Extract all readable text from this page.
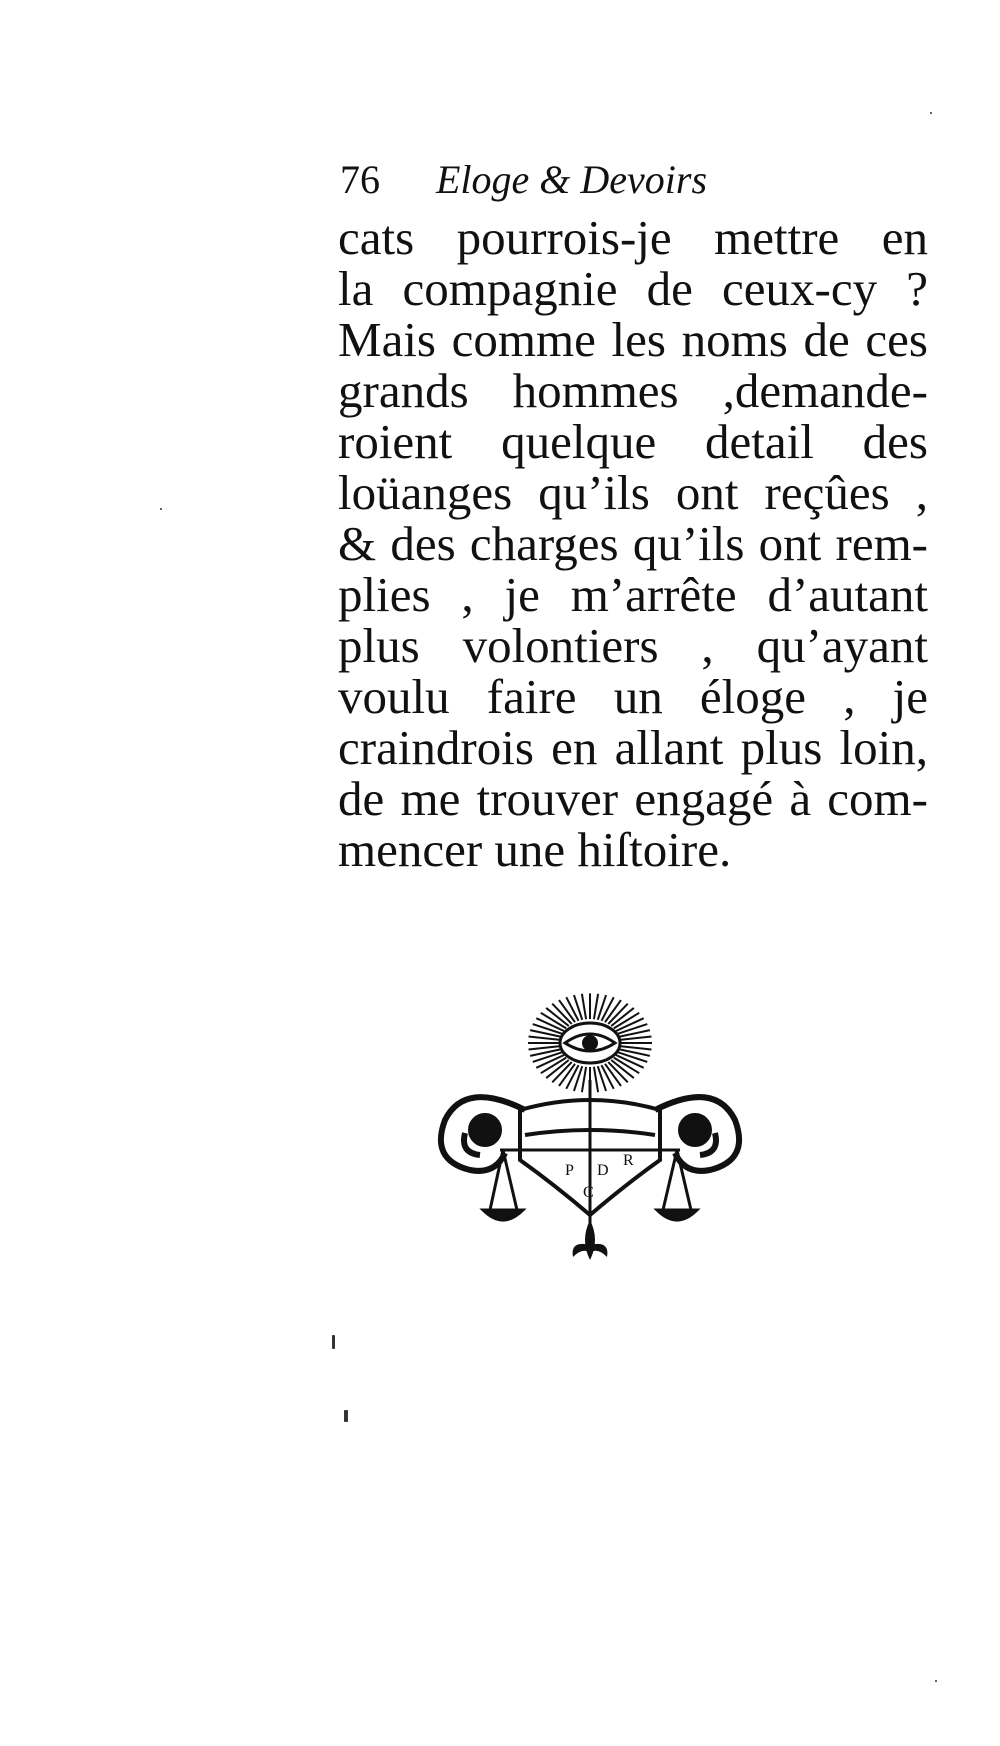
76 Eloge & Devoirs
cats pourrois-je mettre en
la compagnie de ceux-cy ?
Mais comme les noms de ces
grands hommes ,demande-
roient quelque detail des
loüanges qu’ils ont reçûes ,
& des charges qu’ils ont rem-
plies , je m’arrête d’autant
plus volontiers , qu’ayant
voulu faire un éloge , je
craindrois en allant plus loin,
de me trouver engagé à com-
mencer une hiſtoire.
P D
R
C
